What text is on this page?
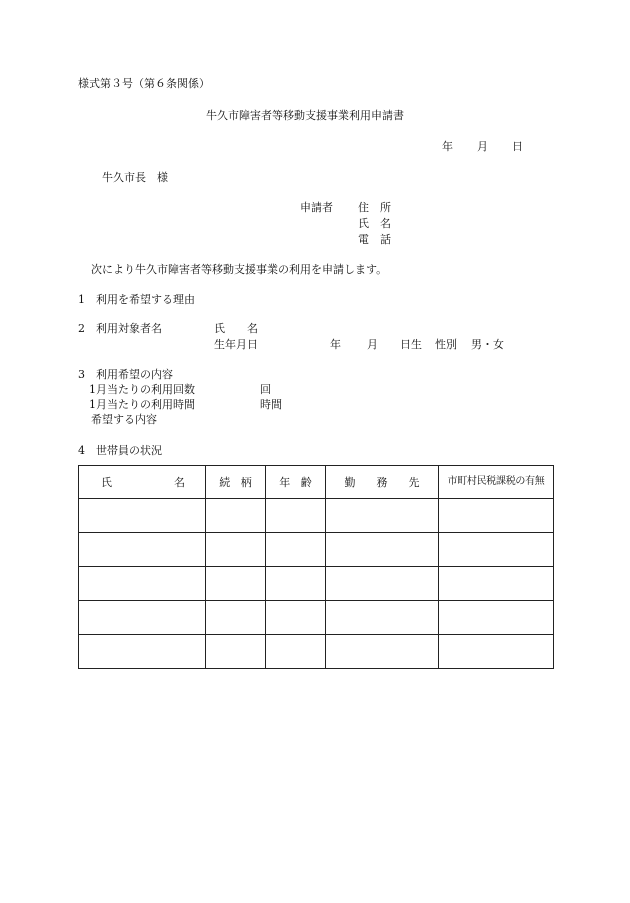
様式第３号（第６条関係）
牛久市障害者等移動支援事業利用申請書
年 月 日
牛久市長　様
申請者 住　所
氏　名
電　話
次により牛久市障害者等移動支援事業の利用を申請します。
1　利用を希望する理由
2　利用対象者名	氏　　名
生年月日	年 月 日生 性別 男・女
3　利用希望の内容
1月当たりの利用回数	回
1月当たりの利用時間	時間
希望する内容
4　世帯員の状況
氏 名	続 柄	年 齢	勤 務 先	市町村民税課税の有無
